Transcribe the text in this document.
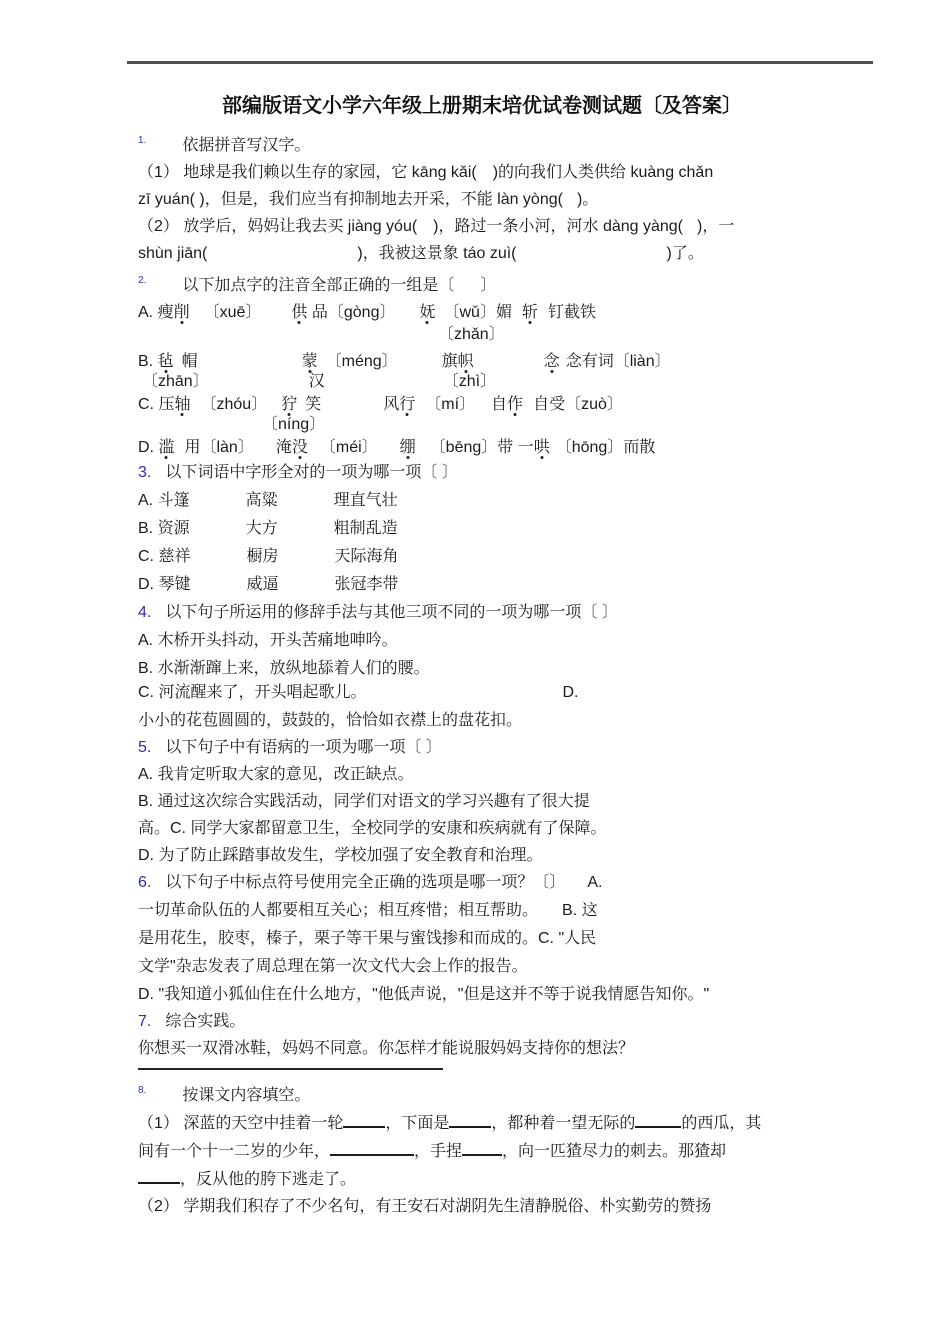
部编版语文小学六年级上册期末培优试卷测试题〔及答案〕
$^{1.}$ 依据拼音写汉字。
（1） 地球是我们赖以生存的家园，它 kāng kǎi( )的向我们人类供给 kuàng chǎn
zī yuán( )，但是，我们应当有抑制地去开采，不能 làn yòng( )。
（2） 放学后，妈妈让我去买 jiàng yóu( )，路过一条小河，河水 dàng yàng( )，一
shùn jiān(	)，我被这景象 táo zuì(	)了。
$^{2.}$ 以下加点字的注音全部正确的一组是〔 〕
A. 瘦削 〔xuē〕 供 品〔gòng〕 妩 〔wǔ〕媚 斩 钉截铁
〔zhǎn〕
B. 毡 帽	蒙 〔méng〕	旗帜	念 念有词〔liàn〕
〔zhān〕	汉	〔zhì〕
C. 压轴 〔zhóu〕 狞 笑	风行 〔mí〕 自作 自受〔zuò〕
〔níng〕
D. 滥 用〔làn〕 淹没 〔méi〕 绷 〔bēng〕带 一哄 〔hōng〕而散
3. 以下词语中字形全对的一项为哪一项〔 〕
A. 斗篷	高粱	理直气壮
B. 资源	大方	粗制乱造
C. 慈祥	橱房	天际海角
D. 琴键	威逼	张冠李带
4. 以下句子所运用的修辞手法与其他三项不同的一项为哪一项〔 〕
A. 木桥开头抖动，开头苦痛地呻吟。
B. 水渐渐蹿上来，放纵地舔着人们的腰。
C. 河流醒来了，开头唱起歌儿。	D.
小小的花苞圆圆的，鼓鼓的，恰恰如衣襟上的盘花扣。
5. 以下句子中有语病的一项为哪一项〔 〕
A. 我肯定听取大家的意见，改正缺点。
B. 通过这次综合实践活动，同学们对语文的学习兴趣有了很大提
高。C. 同学大家都留意卫生，全校同学的安康和疾病就有了保障。
D. 为了防止踩踏事故发生，学校加强了安全教育和治理。
6. 以下句子中标点符号使用完全正确的选项是哪一项？〔〕 A.
一切革命队伍的人都要相互关心；相互疼惜；相互帮助。 B. 这
是用花生，胶枣，榛子，栗子等干果与蜜饯掺和而成的。C. "人民
文学"杂志发表了周总理在第一次文代大会上作的报告。
D. "我知道小狐仙住在什么地方，"他低声说，"但是这并不等于说我情愿告知你。"
7. 综合实践。
你想买一双滑冰鞋，妈妈不同意。你怎样才能说服妈妈支持你的想法？
$^{8.}$ 按课文内容填空。
（1） 深蓝的天空中挂着一轮	，下面是	，都种着一望无际的	的西瓜，其
间有一个十一二岁的少年，	，手捏	，向一匹猹尽力的刺去。那猹却
，反从他的胯下逃走了。
（2） 学期我们积存了不少名句，有王安石对湖阴先生清静脱俗、朴实勤劳的赞扬
